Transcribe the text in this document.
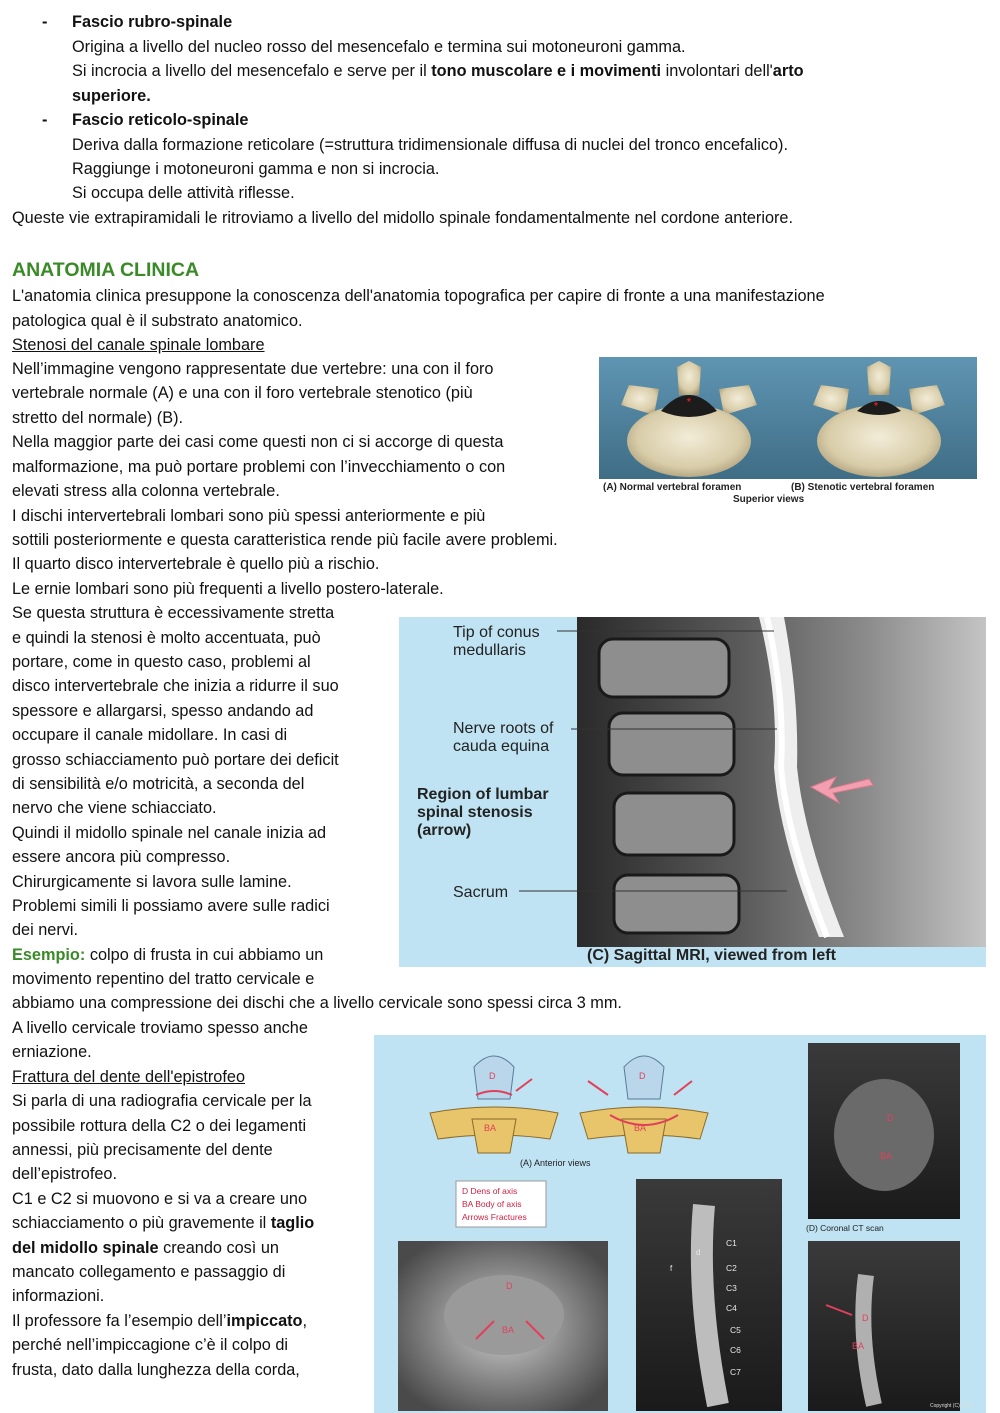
- Fascio rubro-spinale
Origina a livello del nucleo rosso del mesencefalo e termina sui motoneuroni gamma.
Si incrocia a livello del mesencefalo e serve per il tono muscolare e i movimenti involontari dell'arto
superiore.
- Fascio reticolo-spinale
Deriva dalla formazione reticolare (=struttura tridimensionale diffusa di nuclei del tronco encefalico).
Raggiunge i motoneuroni gamma e non si incrocia.
Si occupa delle attività riflesse.
Queste vie extrapiramidali le ritroviamo a livello del midollo spinale fondamentalmente nel cordone anteriore.
ANATOMIA CLINICA
L'anatomia clinica presuppone la conoscenza dell'anatomia topografica per capire di fronte a una manifestazione
patologica qual è il substrato anatomico.
Stenosi del canale spinale lombare
Nell’immagine vengono rappresentate due vertebre: una con il foro
vertebrale normale (A) e una con il foro vertebrale stenotico (più
stretto del normale) (B).
Nella maggior parte dei casi come questi non ci si accorge di questa
malformazione, ma può portare problemi con l’invecchiamento o con
elevati stress alla colonna vertebrale.
I dischi intervertebrali lombari sono più spessi anteriormente e più
sottili posteriormente e questa caratteristica rende più facile avere problemi.
Il quarto disco intervertebrale è quello più a rischio.
Le ernie lombari sono più frequenti a livello postero-laterale.
Se questa struttura è eccessivamente stretta
e quindi la stenosi è molto accentuata, può
portare, come in questo caso, problemi al
disco intervertebrale che inizia a ridurre il suo
spessore e allargarsi, spesso andando ad
occupare il canale midollare. In casi di
grosso schiacciamento può portare dei deficit
di sensibilità e/o motricità, a seconda del
nervo che viene schiacciato.
Quindi il midollo spinale nel canale inizia ad
essere ancora più compresso.
Chirurgicamente si lavora sulle lamine.
Problemi simili li possiamo avere sulle radici
dei nervi.
Esempio: colpo di frusta in cui abbiamo un
movimento repentino del tratto cervicale e
abbiamo una compressione dei dischi che a livello cervicale sono spessi circa 3 mm.
A livello cervicale troviamo spesso anche
erniazione.
Frattura del dente dell'epistrofeo
Si parla di una radiografia cervicale per la
possibile rottura della C2 o dei legamenti
annessi, più precisamente del dente
dell’epistrofeo.
C1 e C2 si muovono e si va a creare uno
schiacciamento o più gravemente il taglio
del midollo spinale creando così un
mancato collegamento e passaggio di
informazioni.
Il professore fa l’esempio dell’impiccato,
perché nell’impiccagione c’è il colpo di
frusta, dato dalla lunghezza della corda,
*	*
(A) Normal vertebral foramen	(B) Stenotic vertebral foramen
Superior views
Tip of conus
medullaris
Nerve roots of
cauda equina
Region of lumbar
spinal stenosis
(arrow)
Sacrum
(C) Sagittal MRI, viewed from left
D
BA
D
BA
(A) Anterior views
D Dens of axis
BA Body of axis
Arrows Fractures
D
BA
C1
C2
C3
C4
C5
C6
C7
d
f
D
BA
(D) Coronal CT scan
D
BA
Copyright (C) 2007
